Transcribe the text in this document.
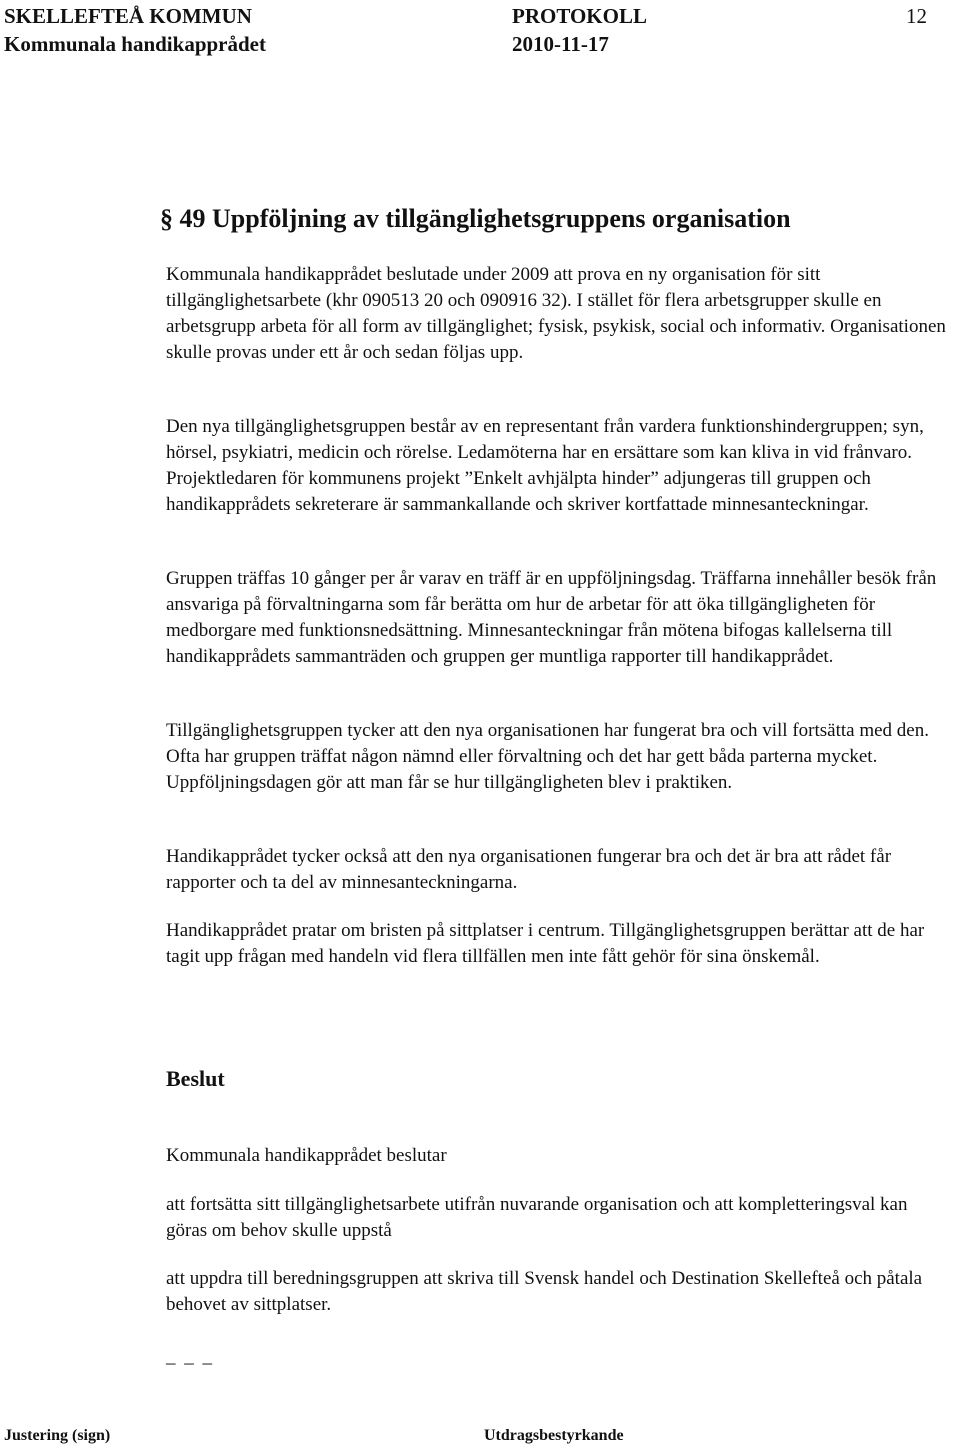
SKELLEFTEÅ KOMMUN	PROTOKOLL	12
Kommunala handikapprådet	2010-11-17
§ 49 Uppföljning av tillgänglighetsgruppens organisation

Kommunala handikapprådet beslutade under 2009 att prova en ny organisation för sitt tillgänglighetsarbete (khr 090513 20 och 090916 32). I stället för flera arbetsgrupper skulle en arbetsgrupp arbeta för all form av tillgänglighet; fysisk, psykisk, social och informativ. Organisationen skulle provas under ett år och sedan följas upp.

Den nya tillgänglighetsgruppen består av en representant från vardera funktionshindergruppen; syn, hörsel, psykiatri, medicin och rörelse. Ledamöterna har en ersättare som kan kliva in vid frånvaro. Projektledaren för kommunens projekt ”Enkelt avhjälpta hinder” adjungeras till gruppen och handikapprådets sekreterare är sammankallande och skriver kortfattade minnesanteckningar.

Gruppen träffas 10 gånger per år varav en träff är en uppföljningsdag. Träffarna innehåller besök från ansvariga på förvaltningarna som får berätta om hur de arbetar för att öka tillgängligheten för medborgare med funktionsnedsättning. Minnesanteckningar från mötena bifogas kallelserna till handikapprådets sammanträden och gruppen ger muntliga rapporter till handikapprådet.

Tillgänglighetsgruppen tycker att den nya organisationen har fungerat bra och vill fortsätta med den. Ofta har gruppen träffat någon nämnd eller förvaltning och det har gett båda parterna mycket. Uppföljningsdagen gör att man får se hur tillgängligheten blev i praktiken.

Handikapprådet tycker också att den nya organisationen fungerar bra och det är bra att rådet får rapporter och ta del av minnesanteckningarna.

Handikapprådet pratar om bristen på sittplatser i centrum. Tillgänglighetsgruppen berättar att de har tagit upp frågan med handeln vid flera tillfällen men inte fått gehör för sina önskemål.

Beslut

Kommunala handikapprådet beslutar

att fortsätta sitt tillgänglighetsarbete utifrån nuvarande organisation och att kompletteringsval kan göras om behov skulle uppstå

att uppdra till beredningsgruppen att skriva till Svensk handel och Destination Skellefteå och påtala behovet av sittplatser.

_ _ _
Justering (sign)	Utdragsbestyrkande
